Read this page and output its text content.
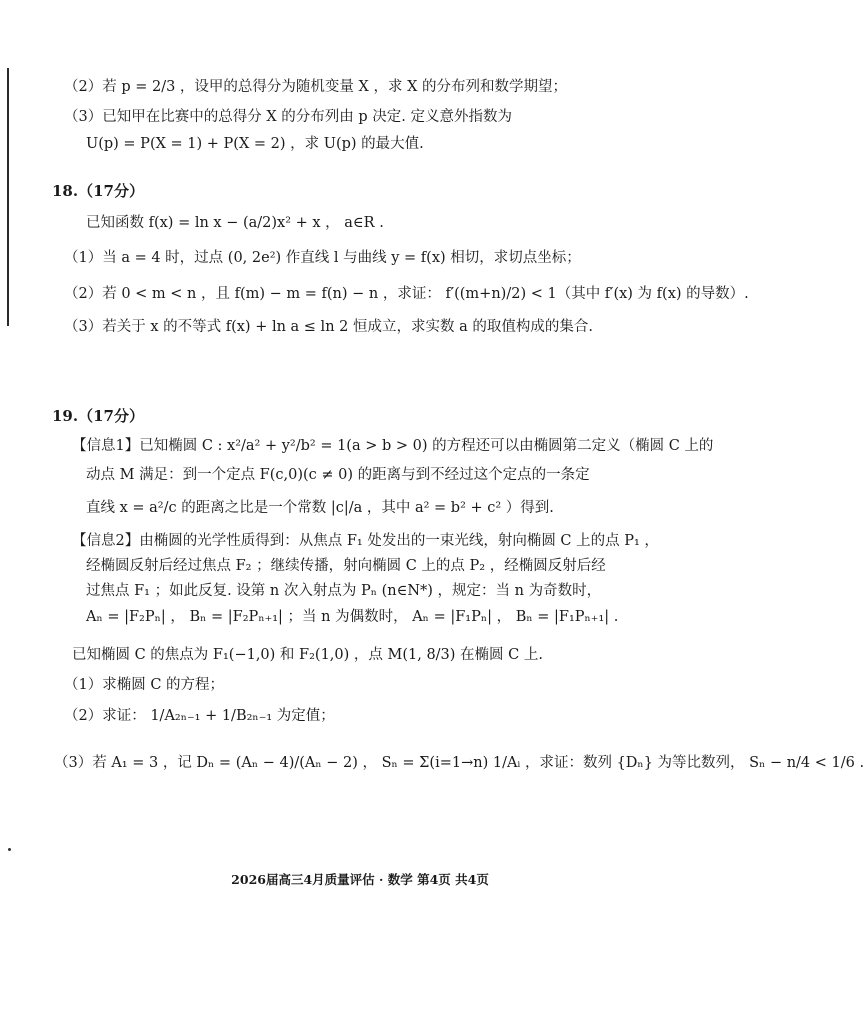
（2）若 p = 2/3 ，设甲的总得分为随机变量 X ，求 X 的分布列和数学期望；
（3）已知甲在比赛中的总得分 X 的分布列由 p 决定. 定义意外指数为
U(p) = P(X = 1) + P(X = 2) ，求 U(p) 的最大值.
18.（17分）
已知函数 f(x) = ln x − (a/2)x² + x ， a∈R .
（1）当 a = 4 时，过点 (0, 2e²) 作直线 l 与曲线 y = f(x) 相切，求切点坐标；
（2）若 0 < m < n ，且 f(m) − m = f(n) − n ，求证： f′((m+n)/2) < 1（其中 f′(x) 为 f(x) 的导数）.
（3）若关于 x 的不等式 f(x) + ln a ≤ ln 2 恒成立，求实数 a 的取值构成的集合.
19.（17分）
【信息1】已知椭圆 C : x²/a² + y²/b² = 1(a > b > 0) 的方程还可以由椭圆第二定义（椭圆 C 上的
动点 M 满足：到一个定点 F(c,0)(c ≠ 0) 的距离与到不经过这个定点的一条定
直线 x = a²/c 的距离之比是一个常数 |c|/a ，其中 a² = b² + c² ）得到.
【信息2】由椭圆的光学性质得到：从焦点 F₁ 处发出的一束光线，射向椭圆 C 上的点 P₁ ，
经椭圆反射后经过焦点 F₂ ；继续传播，射向椭圆 C 上的点 P₂ ，经椭圆反射后经
过焦点 F₁ ；如此反复. 设第 n 次入射点为 Pₙ (n∈N*) ，规定：当 n 为奇数时，
Aₙ = |F₂Pₙ| ， Bₙ = |F₂Pₙ₊₁| ；当 n 为偶数时， Aₙ = |F₁Pₙ| ， Bₙ = |F₁Pₙ₊₁| .
已知椭圆 C 的焦点为 F₁(−1,0) 和 F₂(1,0) ，点 M(1, 8/3) 在椭圆 C 上.
（1）求椭圆 C 的方程；
（2）求证： 1/A₂ₙ₋₁ + 1/B₂ₙ₋₁ 为定值；
（3）若 A₁ = 3 ，记 Dₙ = (Aₙ − 4)/(Aₙ − 2) ， Sₙ = Σ(i=1→n) 1/Aᵢ ，求证：数列 {Dₙ} 为等比数列， Sₙ − n/4 < 1/6 .
2026届高三4月质量评估 · 数学 第4页 共4页
